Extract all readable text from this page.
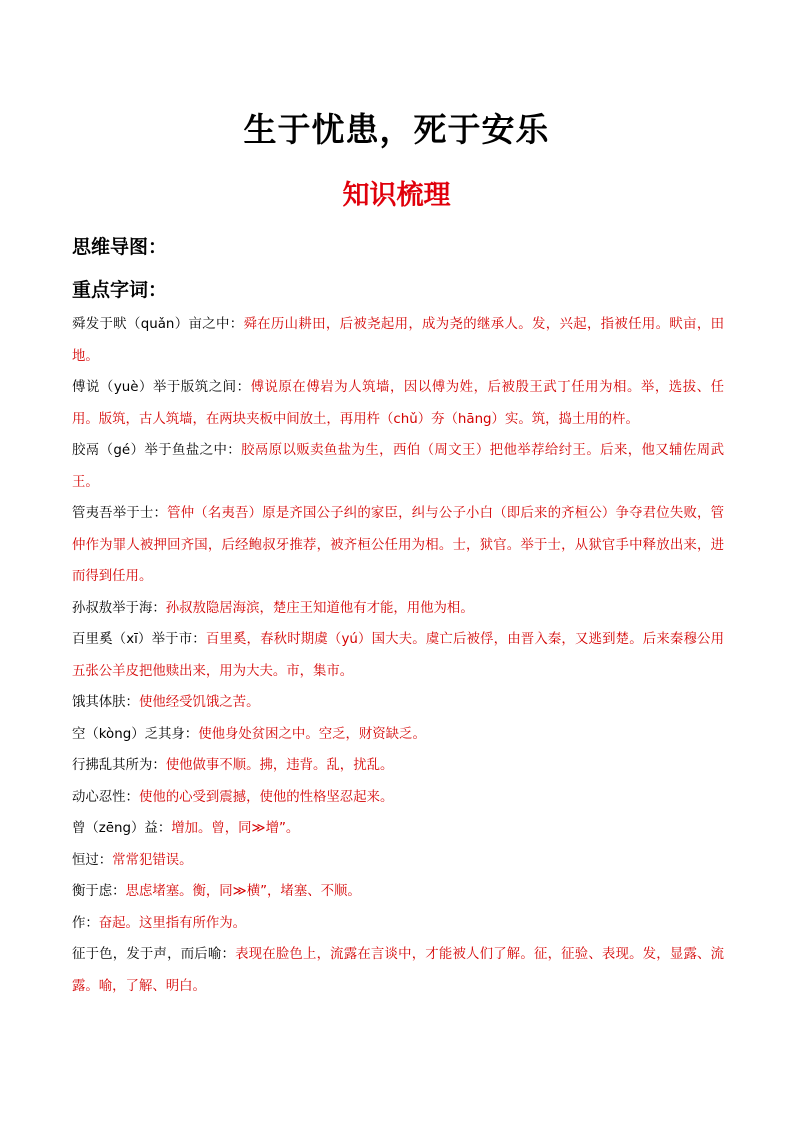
生于忧患，死于安乐
知识梳理
思维导图：
重点字词：

舜发于畎（quǎn）亩之中：舜在历山耕田，后被尧起用，成为尧的继承人。发，兴起，指被任用。畎亩，田地。

傅说（yuè）举于版筑之间：傅说原在傅岩为人筑墙，因以傅为姓，后被殷王武丁任用为相。举，选拔、任用。版筑，古人筑墙，在两块夹板中间放土，再用杵（chǔ）夯（hāng）实。筑，捣土用的杵。

胶鬲（gé）举于鱼盐之中：胶鬲原以贩卖鱼盐为生，西伯（周文王）把他举荐给纣王。后来，他又辅佐周武王。

管夷吾举于士：管仲（名夷吾）原是齐国公子纠的家臣，纠与公子小白（即后来的齐桓公）争夺君位失败，管仲作为罪人被押回齐国，后经鲍叔牙推荐，被齐桓公任用为相。士，狱官。举于士，从狱官手中释放出来，进而得到任用。

孙叔敖举于海：孙叔敖隐居海滨，楚庄王知道他有才能，用他为相。

百里奚（xī）举于市：百里奚，春秋时期虞（yú）国大夫。虞亡后被俘，由晋入秦，又逃到楚。后来秦穆公用五张公羊皮把他赎出来，用为大夫。市，集市。

饿其体肤：使他经受饥饿之苦。

空（kòng）乏其身：使他身处贫困之中。空乏，财资缺乏。

行拂乱其所为：使他做事不顺。拂，违背。乱，扰乱。

动心忍性：使他的心受到震撼，使他的性格坚忍起来。

曾（zēng）益：增加。曾，同≫增”。

恒过：常常犯错误。

衡于虑：思虑堵塞。衡，同≫横”，堵塞、不顺。

作：奋起。这里指有所作为。

征于色，发于声，而后喻：表现在脸色上，流露在言谈中，才能被人们了解。征，征验、表现。发，显露、流露。喻，了解、明白。
